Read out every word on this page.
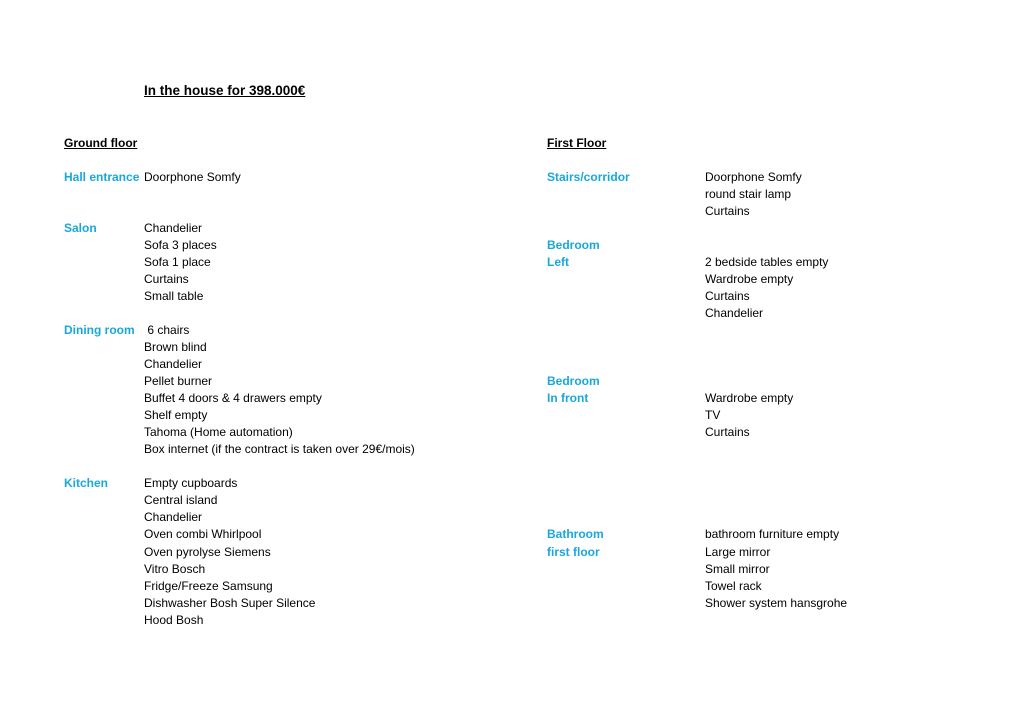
In the house for 398.000€
Ground floor
Hall entrance Doorphone Somfy
Salon	Chandelier
Sofa 3 places
Sofa 1 place
Curtains
Small table
Dining room 6 chairs
Brown blind
Chandelier
Pellet burner
Buffet 4 doors & 4 drawers empty
Shelf empty
Tahoma (Home automation)
Box internet (if the contract is taken over 29€/mois)
Kitchen	Empty cupboards
Central island
Chandelier
Oven combi Whirlpool
Oven pyrolyse Siemens
Vitro Bosch
Fridge/Freeze Samsung
Dishwasher Bosh Super Silence
Hood Bosh
First Floor
Stairs/corridor	Doorphone Somfy
round stair lamp
Curtains
Bedroom
Left	2 bedside tables empty
Wardrobe empty
Curtains
Chandelier
Bedroom
In front	Wardrobe empty
TV
Curtains
Bathroom	bathroom furniture empty
first floor	Large mirror
Small mirror
Towel rack
Shower system hansgrohe
